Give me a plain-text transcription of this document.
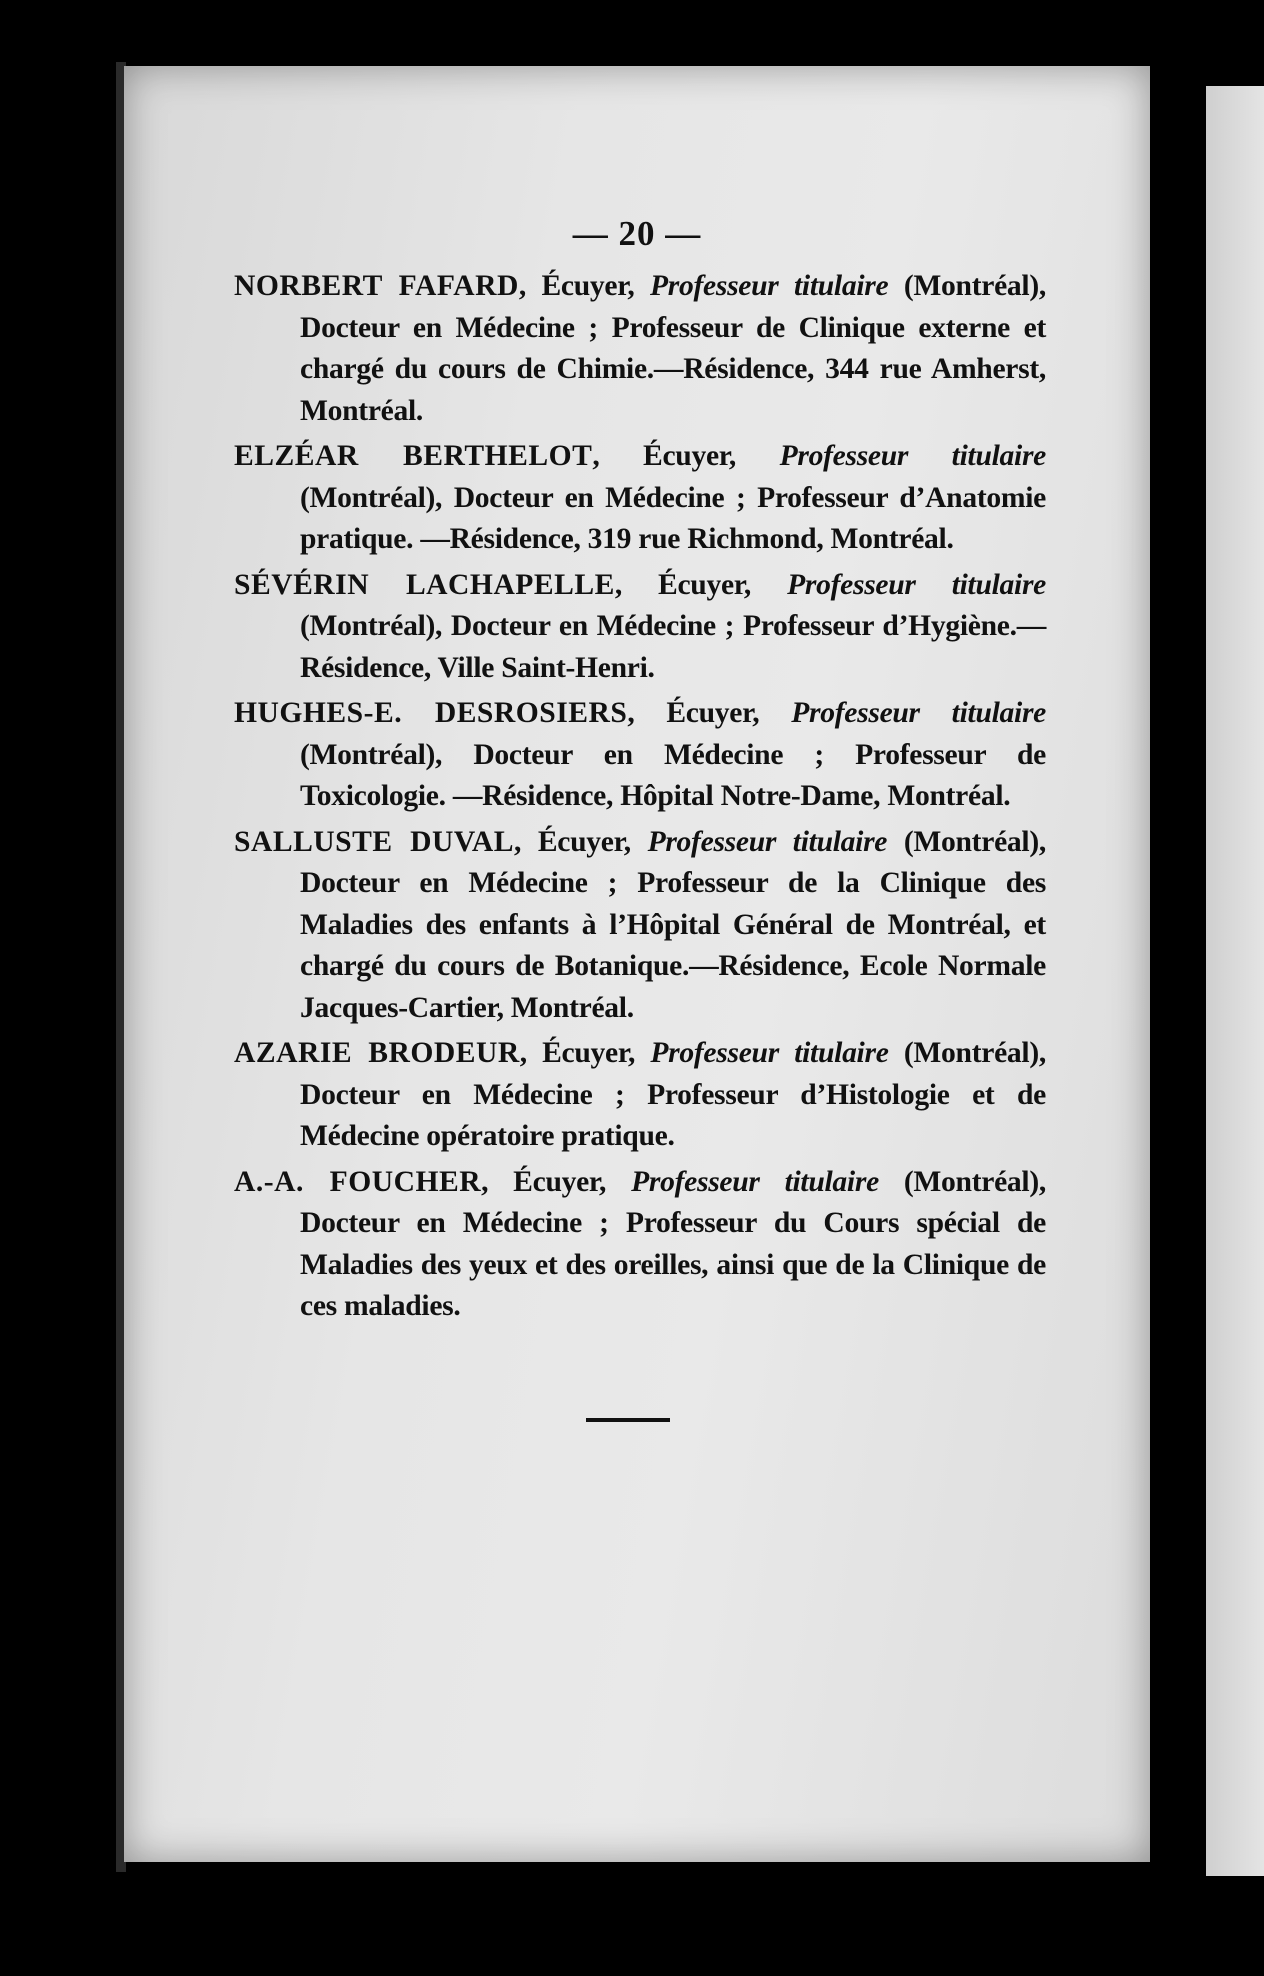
— 20 —

NORBERT FAFARD, Écuyer, Professeur titulaire (Montréal), Docteur en Médecine ; Professeur de Clinique externe et chargé du cours de Chimie.—Résidence, 344 rue Amherst, Montréal.

ELZÉAR BERTHELOT, Écuyer, Professeur titulaire (Montréal), Docteur en Médecine ; Professeur d’Anatomie pratique. —Résidence, 319 rue Richmond, Montréal.

SÉVÉRIN LACHAPELLE, Écuyer, Professeur titulaire (Montréal), Docteur en Médecine ; Professeur d’Hygiène.— Résidence, Ville Saint-Henri.

HUGHES-E. DESROSIERS, Écuyer, Professeur titulaire (Montréal), Docteur en Médecine ; Professeur de Toxicologie. —Résidence, Hôpital Notre-Dame, Montréal.

SALLUSTE DUVAL, Écuyer, Professeur titulaire (Montréal), Docteur en Médecine ; Professeur de la Clinique des Maladies des enfants à l’Hôpital Général de Montréal, et chargé du cours de Botanique.—Résidence, Ecole Normale Jacques-Cartier, Montréal.

AZARIE BRODEUR, Écuyer, Professeur titulaire (Montréal), Docteur en Médecine ; Professeur d’Histologie et de Médecine opératoire pratique.

A.-A. FOUCHER, Écuyer, Professeur titulaire (Montréal), Docteur en Médecine ; Professeur du Cours spécial de Maladies des yeux et des oreilles, ainsi que de la Clinique de ces maladies.
